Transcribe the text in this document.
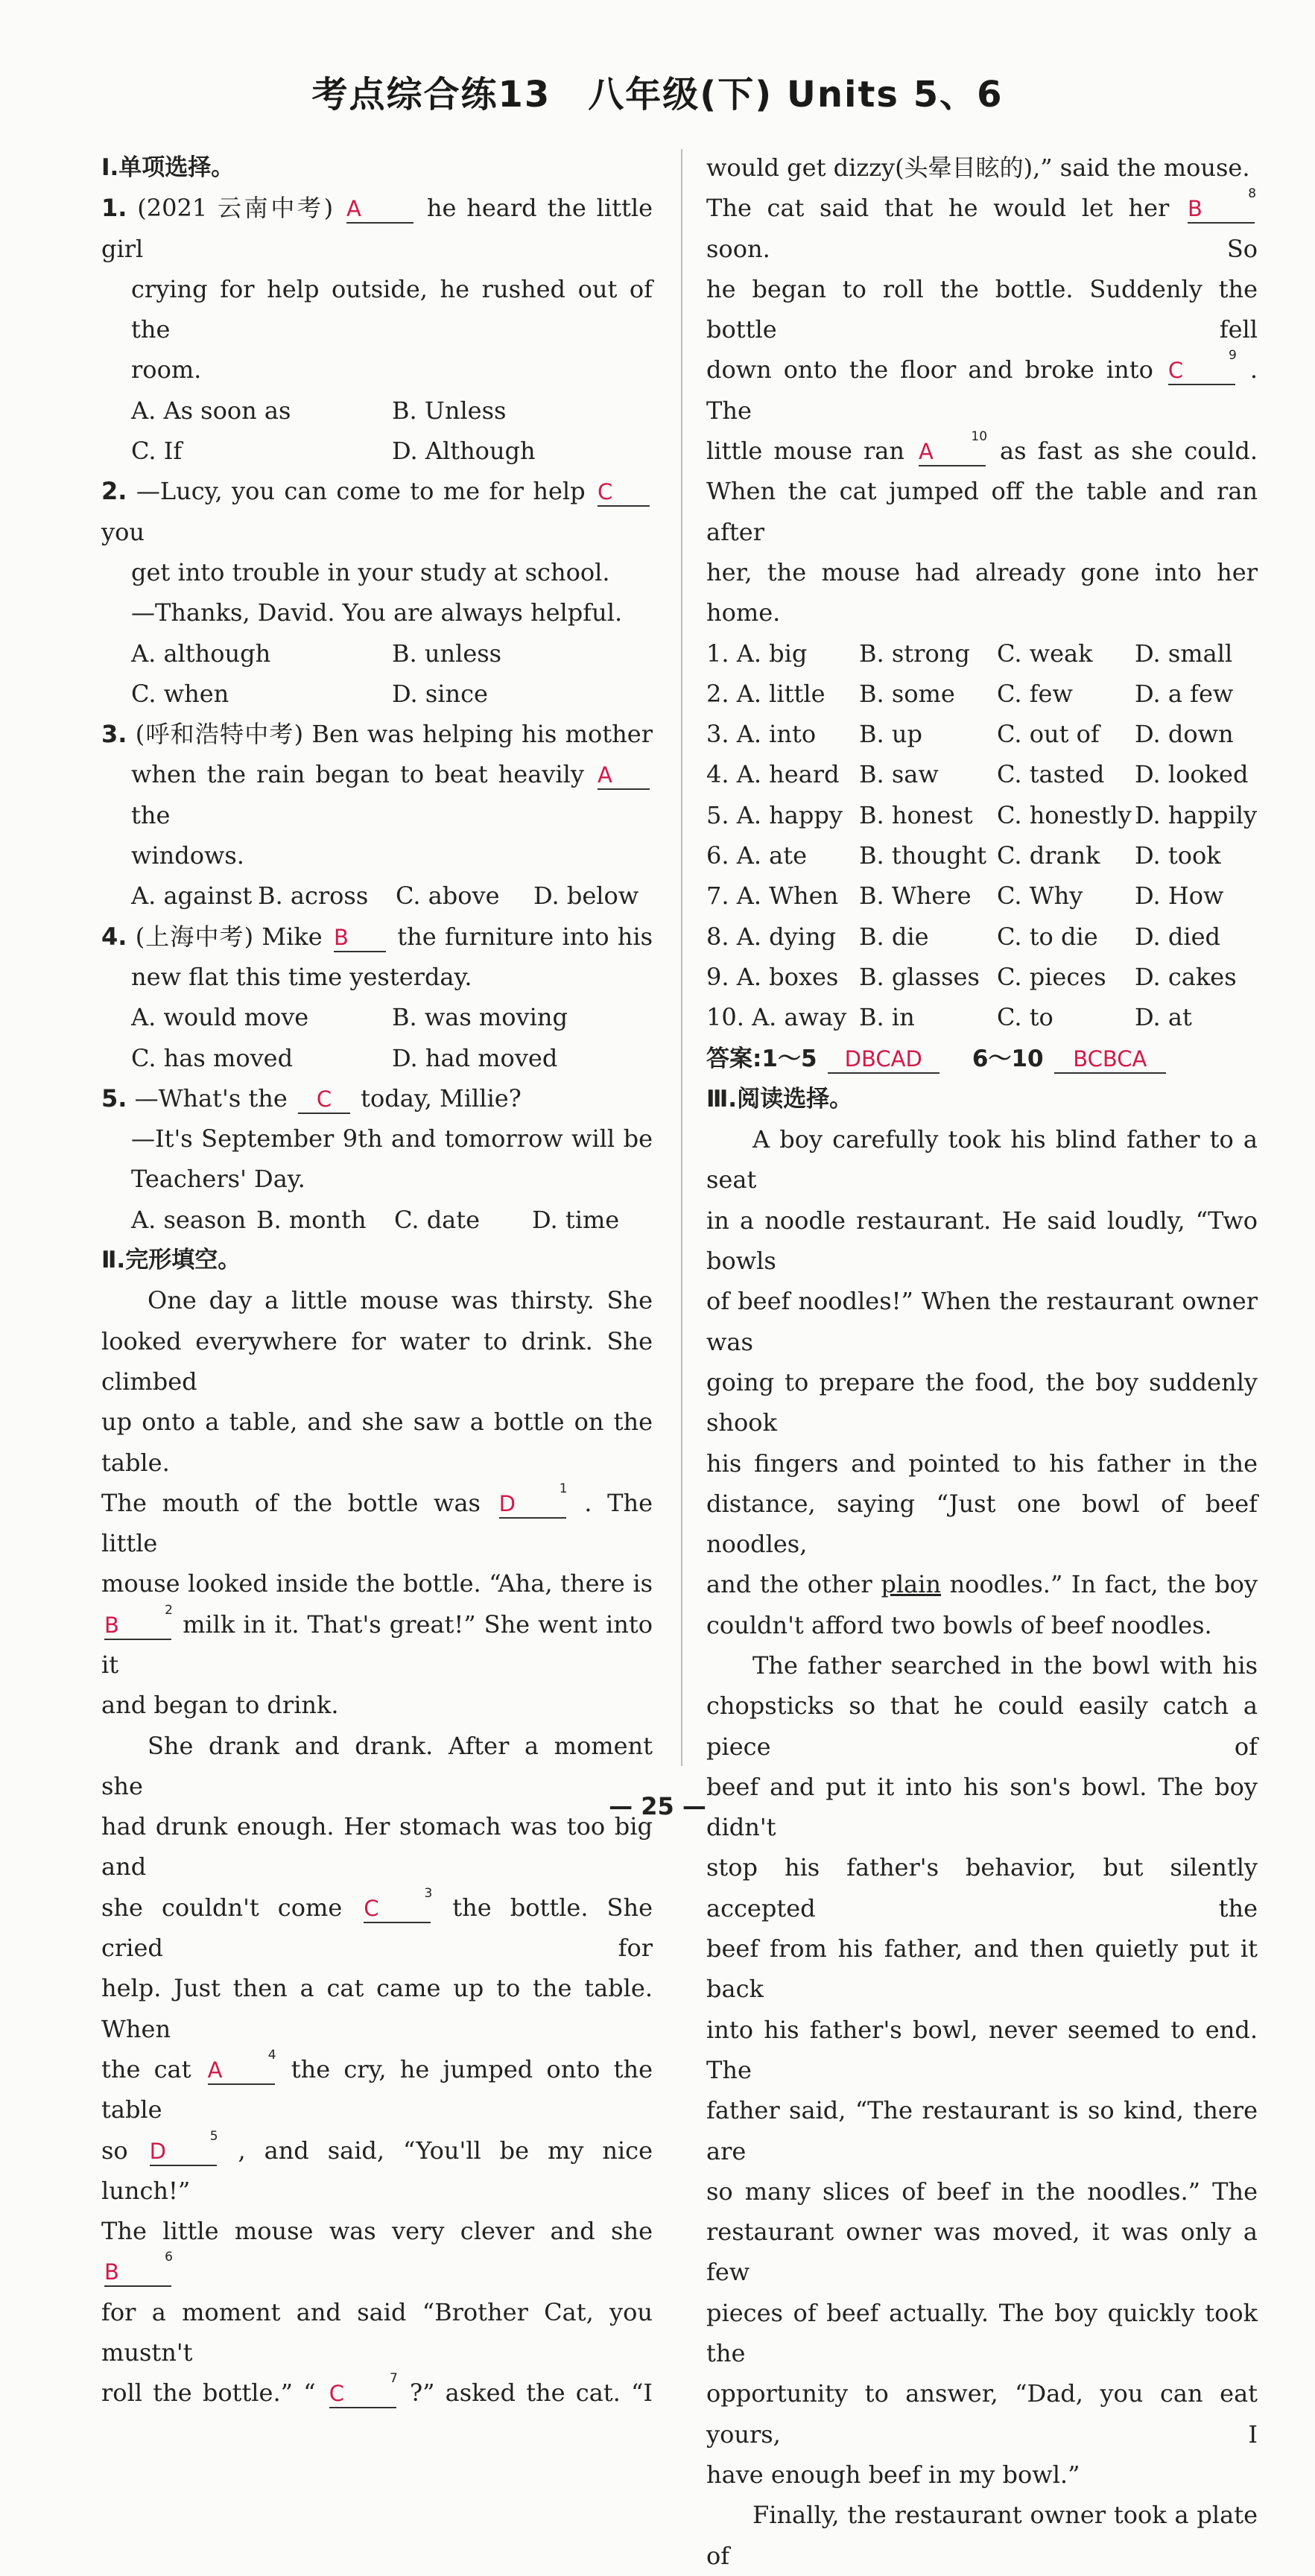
考点综合练13　八年级(下) Units 5、6
Ⅰ.单项选择。
1. (2021 云南中考) A	he heard the little girl
crying for help outside, he rushed out of the
room.
A. As soon as	B. Unless
C. If	D. Although
2. —Lucy, you can come to me for help C you
get into trouble in your study at school.
—Thanks, David. You are always helpful.
A. although	B. unless
C. when	D. since
3. (呼和浩特中考) Ben was helping his mother
when the rain began to beat heavily A the
windows.
A. against B. across	C. above	D. below
4. (上海中考) Mike B the furniture into his
new flat this time yesterday.
A. would move	B. was moving
C. has moved	D. had moved
5. —What's the C today, Millie?
—It's September 9th and tomorrow will be
Teachers' Day.
A. season B. month	C. date	D. time
Ⅱ.完形填空。
One day a little mouse was thirsty. She
looked everywhere for water to drink. She climbed
up onto a table, and she saw a bottle on the table.
The mouth of the bottle was D
1 . The little
mouse looked inside the bottle. “Aha, there is
B
2 milk in it. That's great!” She went into it
and began to drink.
She drank and drank. After a moment she
had drunk enough. Her stomach was too big and
she couldn't come C
3 the bottle. She cried for
help. Just then a cat came up to the table. When
the cat A
4 the cry, he jumped onto the table
so D
5 , and said, “You'll be my nice lunch!”
The little mouse was very clever and she B
6
for a moment and said “Brother Cat, you mustn't
roll the bottle.” “ C
7 ?” asked the cat. “I
would get dizzy(头晕目眩的),” said the mouse.
The cat said that he would let her B
8
soon. So
he began to roll the bottle. Suddenly the bottle fell
down onto the floor and broke into C
9 . The
little mouse ran A
10 as fast as she could.
When the cat jumped off the table and ran after
her, the mouse had already gone into her home.
1. A. big	B. strong	C. weak	D. small
2. A. little	B. some	C. few	D. a few
3. A. into	B. up	C. out of	D. down
4. A. heard B. saw	C. tasted	D. looked
5. A. happy B. honest	C. honestly D. happily
6. A. ate	B. thought C. drank	D. took
7. A. When B. Where	C. Why	D. How
8. A. dying B. die	C. to die	D. died
9. A. boxes B. glasses C. pieces	D. cakes
10. A. away B. in	C. to	D. at
答案:1～5 DBCAD 6～10 BCBCA
Ⅲ.阅读选择。
A boy carefully took his blind father to a seat
in a noodle restaurant. He said loudly, “Two bowls
of beef noodles!” When the restaurant owner was
going to prepare the food, the boy suddenly shook
his fingers and pointed to his father in the
distance, saying “Just one bowl of beef noodles,
and the other plain noodles.” In fact, the boy
couldn't afford two bowls of beef noodles.
The father searched in the bowl with his
chopsticks so that he could easily catch a piece of
beef and put it into his son's bowl. The boy didn't
stop his father's behavior, but silently accepted the
beef from his father, and then quietly put it back
into his father's bowl, never seemed to end. The
father said, “The restaurant is so kind, there are
so many slices of beef in the noodles.” The
restaurant owner was moved, it was only a few
pieces of beef actually. The boy quickly took the
opportunity to answer, “Dad, you can eat yours, I
have enough beef in my bowl.”
Finally, the restaurant owner took a plate of
— 25 —
